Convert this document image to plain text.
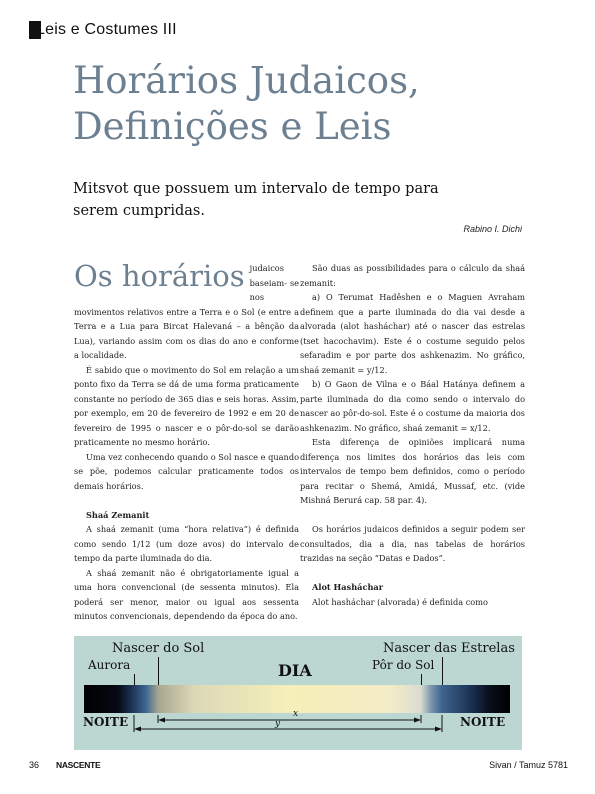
Leis e Costumes III
Horários Judaicos,
Definições e Leis
Mitsvot que possuem um intervalo de tempo para serem cumpridas.
Rabino I. Dichi

Os horários judaicos baseiam- se nos movimentos relativos entre a Terra e o Sol (e entre a Terra e a Lua para Bircat Halevaná – a bênção da Lua), variando assim com os dias do ano e conforme a localidade.

É sabido que o movimento do Sol em relação a um ponto fixo da Terra se dá de uma forma praticamente constante no período de 365 dias e seis horas. Assim, por exemplo, em 20 de fevereiro de 1992 e em 20 de fevereiro de 1995 o nascer e o pôr-do-sol se darão praticamente no mesmo horário.

Uma vez conhecendo quando o Sol nasce e quando se põe, podemos calcular praticamente todos os demais horários.

Shaá Zemanit

A shaá zemanit (uma “hora relativa”) é definida como sendo 1/12 (um doze avos) do intervalo de tempo da parte iluminada do dia.

A shaá zemanit não é obrigatoriamente igual a uma hora convencional (de sessenta minutos). Ela poderá ser menor, maior ou igual aos sessenta minutos convencionais, dependendo da época do ano.

São duas as possibilidades para o cálculo da shaá zemanit:

a) O Terumat Hadêshen e o Maguen Avraham definem que a parte iluminada do dia vai desde a alvorada (alot hasháchar) até o nascer das estrelas (tset hacochavim). Este é o costume seguido pelos sefaradim e por parte dos ashkenazim. No gráfico, shaá zemanit = y/12.

b) O Gaon de Vilna e o Báal Hatánya definem a parte iluminada do dia como sendo o intervalo do nascer ao pôr-do-sol. Este é o costume da maioria dos ashkenazim. No gráfico, shaá zemanit = x/12.

Esta diferença de opiniões implicará numa diferença nos limites dos horários das leis com intervalos de tempo bem definidos, como o período para recitar o Shemá, Amidá, Mussaf, etc. (vide Mishná Berurá cap. 58 par. 4).

Os horários judaicos definidos a seguir podem ser consultados, dia a dia, nas tabelas de horários trazidas na seção “Datas e Dados”.

Alot Hasháchar

Alot hasháchar (alvorada) é definida como

Nascer do Sol
Aurora	DIA
Nascer das Estrelas
Pôr do Sol
x
y
NOITE	NOITE
36 NASCENTE	Sivan / Tamuz 5781
